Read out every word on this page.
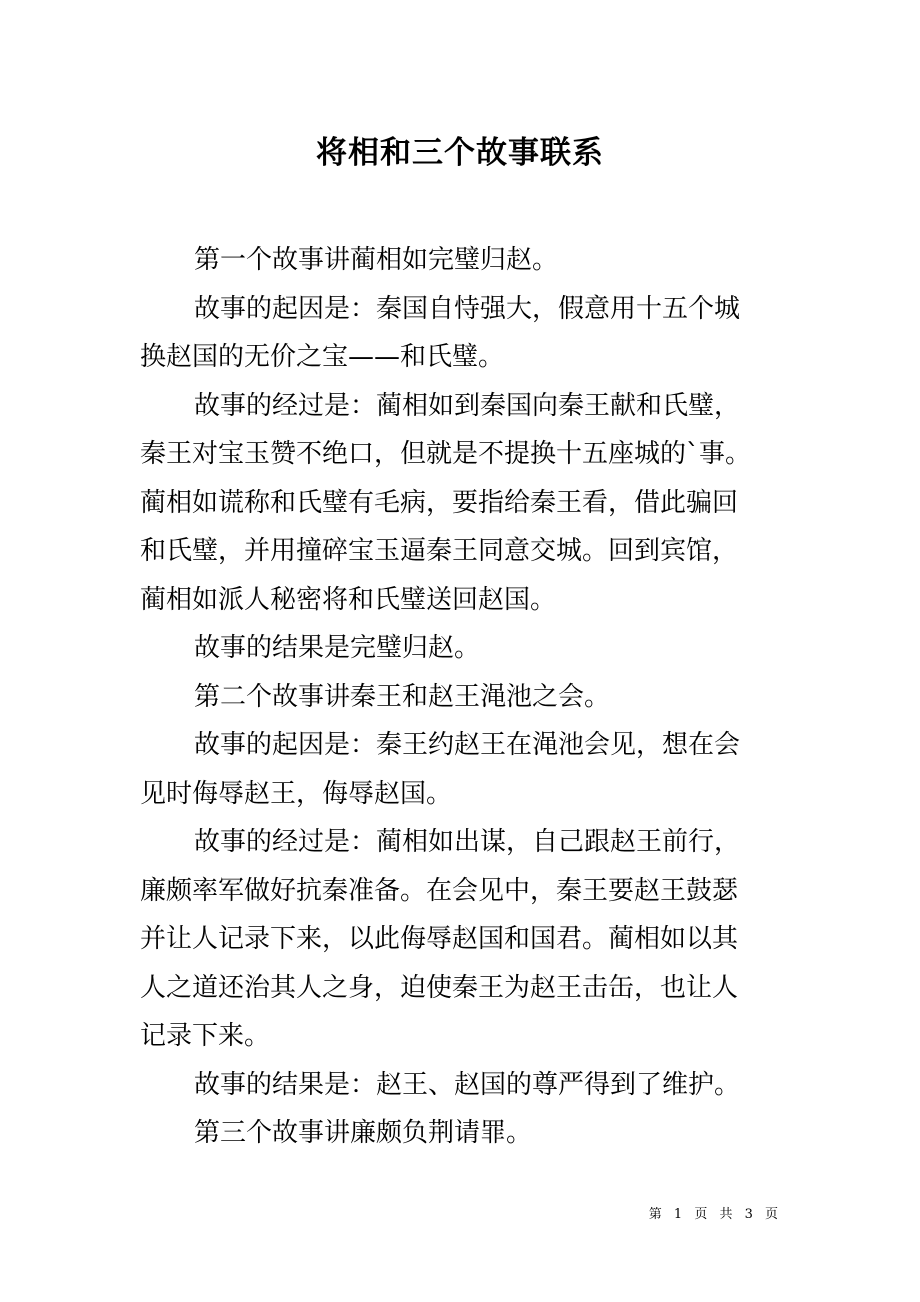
将相和三个故事联系

第一个故事讲蔺相如完璧归赵。

故事的起因是：秦国自恃强大，假意用十五个城

换赵国的无价之宝——和氏璧。

故事的经过是：蔺相如到秦国向秦王献和氏璧，

秦王对宝玉赞不绝口，但就是不提换十五座城的`事。

蔺相如谎称和氏璧有毛病，要指给秦王看，借此骗回

和氏璧，并用撞碎宝玉逼秦王同意交城。回到宾馆，

蔺相如派人秘密将和氏璧送回赵国。

故事的结果是完璧归赵。

第二个故事讲秦王和赵王渑池之会。

故事的起因是：秦王约赵王在渑池会见，想在会

见时侮辱赵王，侮辱赵国。

故事的经过是：蔺相如出谋，自己跟赵王前行，

廉颇率军做好抗秦准备。在会见中，秦王要赵王鼓瑟

并让人记录下来，以此侮辱赵国和国君。蔺相如以其

人之道还治其人之身，迫使秦王为赵王击缶，也让人

记录下来。

故事的结果是：赵王、赵国的尊严得到了维护。

第三个故事讲廉颇负荆请罪。

第 1 页 共 3 页
